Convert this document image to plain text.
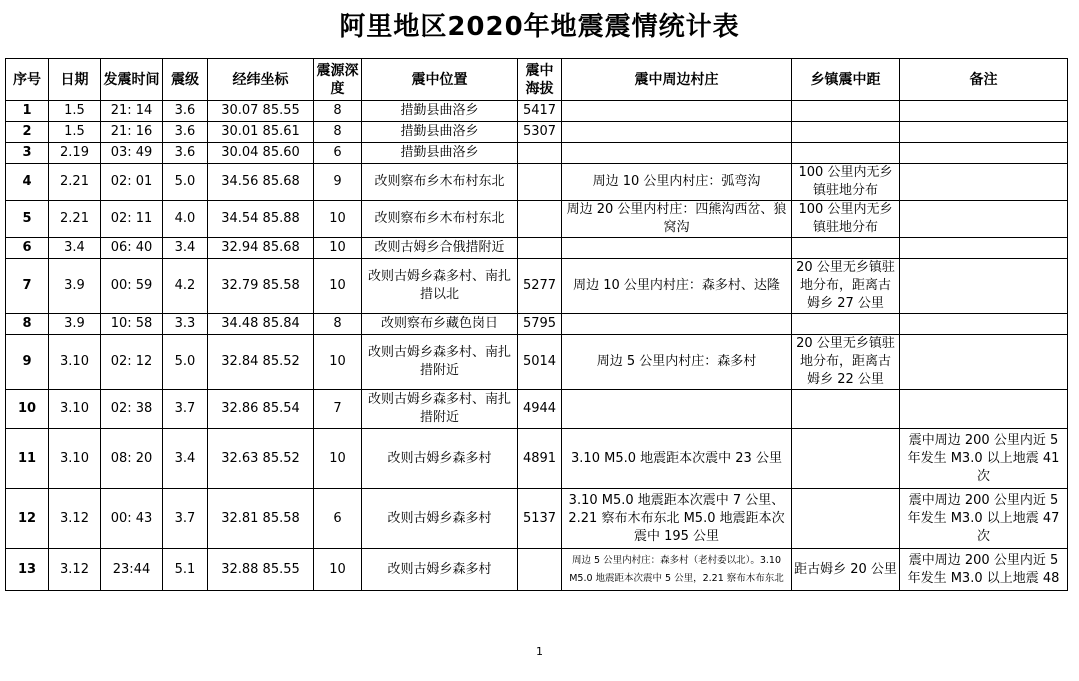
阿里地区2020年地震震情统计表
序号	日期	发震时间	震级	经纬坐标	震源深度	震中位置	震中海拔	震中周边村庄	乡镇震中距	备注
1	1.5	21: 14	3.6	30.07 85.55	8	措勤县曲洛乡	5417			
2	1.5	21: 16	3.6	30.01 85.61	8	措勤县曲洛乡	5307			
3	2.19	03: 49	3.6	30.04 85.60	6	措勤县曲洛乡				
4	2.21	02: 01	5.0	34.56 85.68	9	改则察布乡木布村东北		周边 10 公里内村庄：弧弯沟	100 公里内无乡镇驻地分布	
5	2.21	02: 11	4.0	34.54 85.88	10	改则察布乡木布村东北		周边 20 公里内村庄：四熊沟西岔、狼窝沟	100 公里内无乡镇驻地分布	
6	3.4	06: 40	3.4	32.94 85.68	10	改则古姆乡合俄措附近				
7	3.9	00: 59	4.2	32.79 85.58	10	改则古姆乡森多村、南扎措以北	5277	周边 10 公里内村庄：森多村、达隆	20 公里无乡镇驻地分布，距离古姆乡 27 公里	
8	3.9	10: 58	3.3	34.48 85.84	8	改则察布乡藏色岗日	5795			
9	3.10	02: 12	5.0	32.84 85.52	10	改则古姆乡森多村、南扎措附近	5014	周边 5 公里内村庄：森多村	20 公里无乡镇驻地分布，距离古姆乡 22 公里	
10	3.10	02: 38	3.7	32.86 85.54	7	改则古姆乡森多村、南扎措附近	4944			
11	3.10	08: 20	3.4	32.63 85.52	10	改则古姆乡森多村	4891	3.10 M5.0 地震距本次震中 23 公里		震中周边 200 公里内近 5 年发生 M3.0 以上地震 41 次
12	3.12	00: 43	3.7	32.81 85.58	6	改则古姆乡森多村	5137	3.10 M5.0 地震距本次震中 7 公里、2.21 察布木布东北 M5.0 地震距本次震中 195 公里		震中周边 200 公里内近 5 年发生 M3.0 以上地震 47 次
13	3.12	23:44	5.1	32.88 85.55	10	改则古姆乡森多村		周边 5 公里内村庄：森多村（老村委以北）。3.10 M5.0 地震距本次震中 5 公里，2.21 察布木布东北	距古姆乡 20 公里	震中周边 200 公里内近 5 年发生 M3.0 以上地震 48
1
